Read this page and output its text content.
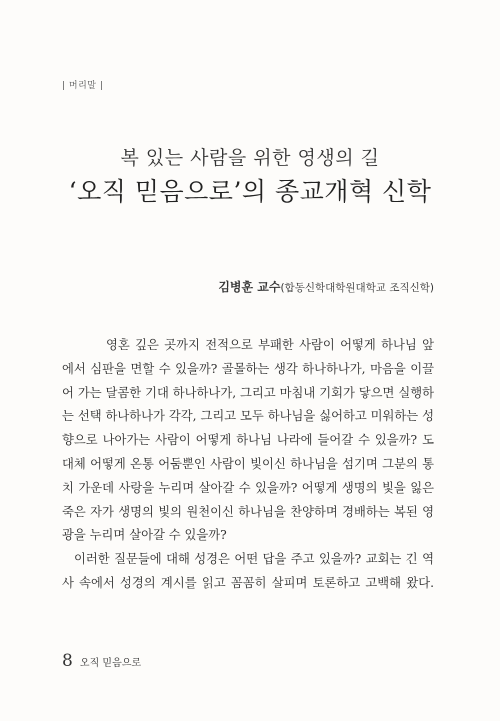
| 머리말 |
복 있는 사람을 위한 영생의 길
‘오직 믿음으로’의 종교개혁 신학
김병훈 교수(합동신학대학원대학교 조직신학)
영혼 깊은 곳까지 전적으로 부패한 사람이 어떻게 하나님 앞
에서 심판을 면할 수 있을까? 골몰하는 생각 하나하나가, 마음을 이끌
어 가는 달콤한 기대 하나하나가, 그리고 마침내 기회가 닿으면 실행하
는 선택 하나하나가 각각, 그리고 모두 하나님을 싫어하고 미워하는 성
향으로 나아가는 사람이 어떻게 하나님 나라에 들어갈 수 있을까? 도
대체 어떻게 온통 어둠뿐인 사람이 빛이신 하나님을 섬기며 그분의 통
치 가운데 사랑을 누리며 살아갈 수 있을까? 어떻게 생명의 빛을 잃은
죽은 자가 생명의 빛의 원천이신 하나님을 찬양하며 경배하는 복된 영
광을 누리며 살아갈 수 있을까?
이러한 질문들에 대해 성경은 어떤 답을 주고 있을까? 교회는 긴 역
사 속에서 성경의 계시를 읽고 꼼꼼히 살피며 토론하고 고백해 왔다.
8 오직 믿음으로
